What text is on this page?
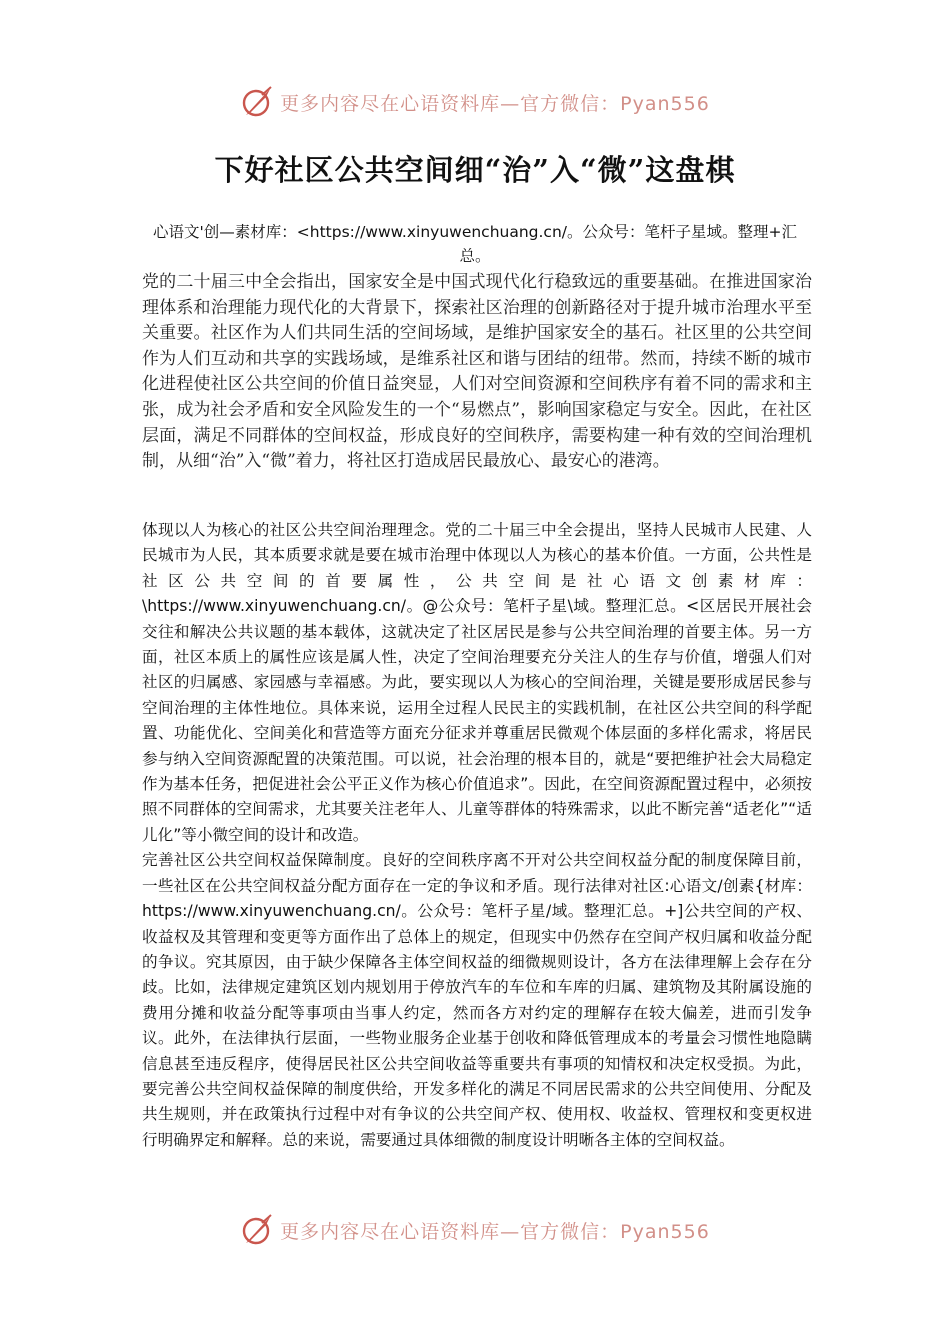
更多内容尽在心语资料库—官方微信：Pyan556
下好社区公共空间细“治”入“微”这盘棋
心语文'创—素材库：<https://www.xinyuwenchuang.cn/。公众号：笔杆子星域。整理+汇总。

党的二十届三中全会指出，国家安全是中国式现代化行稳致远的重要基础。在推进国家治理体系和治理能力现代化的大背景下，探索社区治理的创新路径对于提升城市治理水平至关重要。社区作为人们共同生活的空间场域，是维护国家安全的基石。社区里的公共空间作为人们互动和共享的实践场域，是维系社区和谐与团结的纽带。然而，持续不断的城市化进程使社区公共空间的价值日益突显，人们对空间资源和空间秩序有着不同的需求和主张，成为社会矛盾和安全风险发生的一个“易燃点”，影响国家稳定与安全。因此，在社区层面，满足不同群体的空间权益，形成良好的空间秩序，需要构建一种有效的空间治理机制，从细“治”入“微”着力，将社区打造成居民最放心、最安心的港湾。

体现以人为核心的社区公共空间治理理念。党的二十届三中全会提出，坚持人民城市人民建、人民城市为人民，其本质要求就是要在城市治理中体现以人为核心的基本价值。一方面，公共性是社区公共空间的首要属性，公共空间是社心语文创素材库：\https://www.xinyuwenchuang.cn/。@公众号：笔杆子星\域。整理汇总。<区居民开展社会交往和解决公共议题的基本载体，这就决定了社区居民是参与公共空间治理的首要主体。另一方面，社区本质上的属性应该是属人性，决定了空间治理要充分关注人的生存与价值，增强人们对社区的归属感、家园感与幸福感。为此，要实现以人为核心的空间治理，关键是要形成居民参与空间治理的主体性地位。具体来说，运用全过程人民民主的实践机制，在社区公共空间的科学配置、功能优化、空间美化和营造等方面充分征求并尊重居民微观个体层面的多样化需求，将居民参与纳入空间资源配置的决策范围。可以说，社会治理的根本目的，就是“要把维护社会大局稳定作为基本任务，把促进社会公平正义作为核心价值追求”。因此，在空间资源配置过程中，必须按照不同群体的空间需求，尤其要关注老年人、儿童等群体的特殊需求，以此不断完善“适老化”“适儿化”等小微空间的设计和改造。

完善社区公共空间权益保障制度。良好的空间秩序离不开对公共空间权益分配的制度保障目前，一些社区在公共空间权益分配方面存在一定的争议和矛盾。现行法律对社区:心语文/创素{材库：https://www.xinyuwenchuang.cn/。公众号：笔杆子星/域。整理汇总。+]公共空间的产权、收益权及其管理和变更等方面作出了总体上的规定，但现实中仍然存在空间产权归属和收益分配的争议。究其原因，由于缺少保障各主体空间权益的细微规则设计，各方在法律理解上会存在分歧。比如，法律规定建筑区划内规划用于停放汽车的车位和车库的归属、建筑物及其附属设施的费用分摊和收益分配等事项由当事人约定，然而各方对约定的理解存在较大偏差，进而引发争议。此外，在法律执行层面，一些物业服务企业基于创收和降低管理成本的考量会习惯性地隐瞒信息甚至违反程序，使得居民社区公共空间收益等重要共有事项的知情权和决定权受损。为此，要完善公共空间权益保障的制度供给，开发多样化的满足不同居民需求的公共空间使用、分配及共生规则，并在政策执行过程中对有争议的公共空间产权、使用权、收益权、管理权和变更权进行明确界定和解释。总的来说，需要通过具体细微的制度设计明晰各主体的空间权益。

更多内容尽在心语资料库—官方微信：Pyan556
